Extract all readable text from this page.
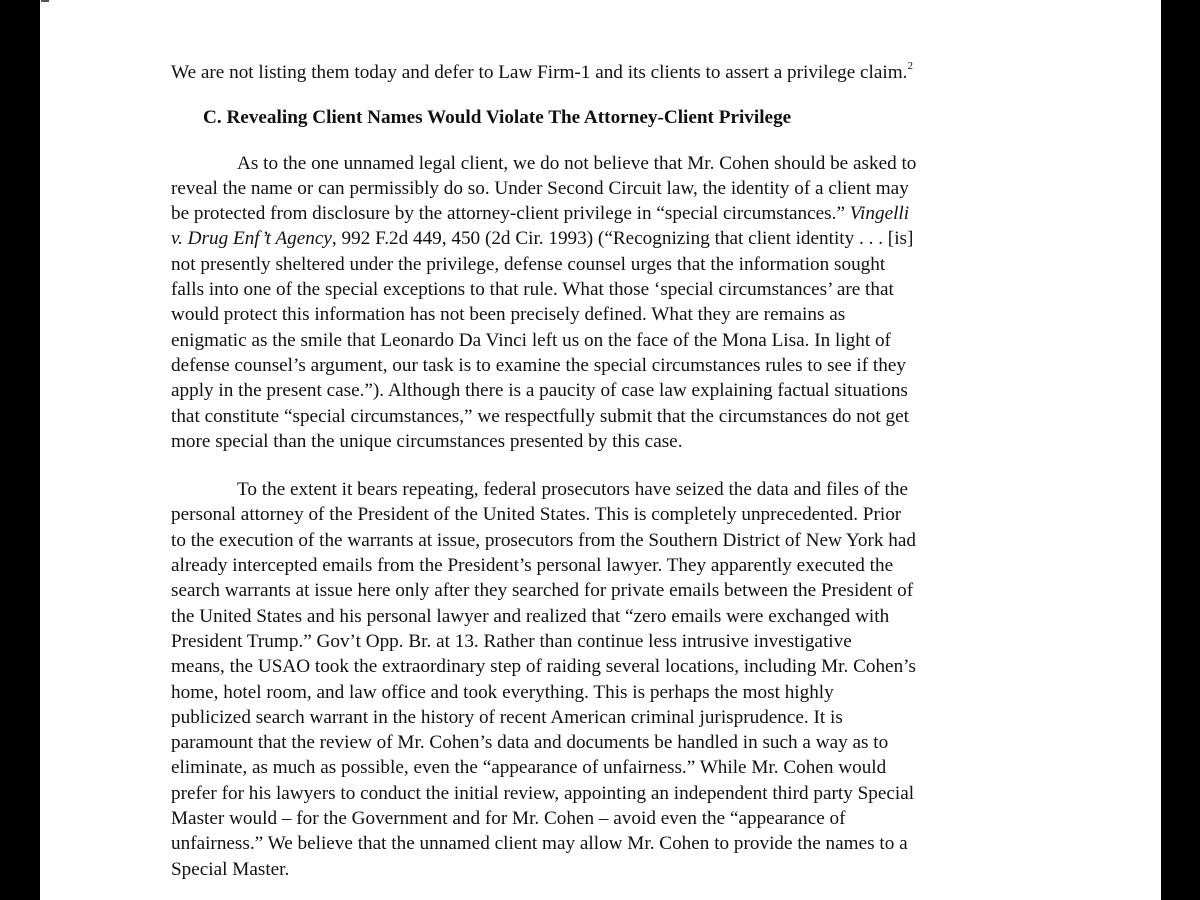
We are not listing them today and defer to Law Firm-1 and its clients to assert a privilege claim.$^2$
C. Revealing Client Names Would Violate The Attorney-Client Privilege
As to the one unnamed legal client, we do not believe that Mr. Cohen should be asked to
reveal the name or can permissibly do so. Under Second Circuit law, the identity of a client may
be protected from disclosure by the attorney-client privilege in “special circumstances.” Vingelli
v. Drug Enf’t Agency, 992 F.2d 449, 450 (2d Cir. 1993) (“Recognizing that client identity . . . [is]
not presently sheltered under the privilege, defense counsel urges that the information sought
falls into one of the special exceptions to that rule. What those ‘special circumstances’ are that
would protect this information has not been precisely defined. What they are remains as
enigmatic as the smile that Leonardo Da Vinci left us on the face of the Mona Lisa. In light of
defense counsel’s argument, our task is to examine the special circumstances rules to see if they
apply in the present case.”). Although there is a paucity of case law explaining factual situations
that constitute “special circumstances,” we respectfully submit that the circumstances do not get
more special than the unique circumstances presented by this case.
To the extent it bears repeating, federal prosecutors have seized the data and files of the
personal attorney of the President of the United States. This is completely unprecedented. Prior
to the execution of the warrants at issue, prosecutors from the Southern District of New York had
already intercepted emails from the President’s personal lawyer. They apparently executed the
search warrants at issue here only after they searched for private emails between the President of
the United States and his personal lawyer and realized that “zero emails were exchanged with
President Trump.” Gov’t Opp. Br. at 13. Rather than continue less intrusive investigative
means, the USAO took the extraordinary step of raiding several locations, including Mr. Cohen’s
home, hotel room, and law office and took everything. This is perhaps the most highly
publicized search warrant in the history of recent American criminal jurisprudence. It is
paramount that the review of Mr. Cohen’s data and documents be handled in such a way as to
eliminate, as much as possible, even the “appearance of unfairness.” While Mr. Cohen would
prefer for his lawyers to conduct the initial review, appointing an independent third party Special
Master would – for the Government and for Mr. Cohen – avoid even the “appearance of
unfairness.” We believe that the unnamed client may allow Mr. Cohen to provide the names to a
Special Master.
